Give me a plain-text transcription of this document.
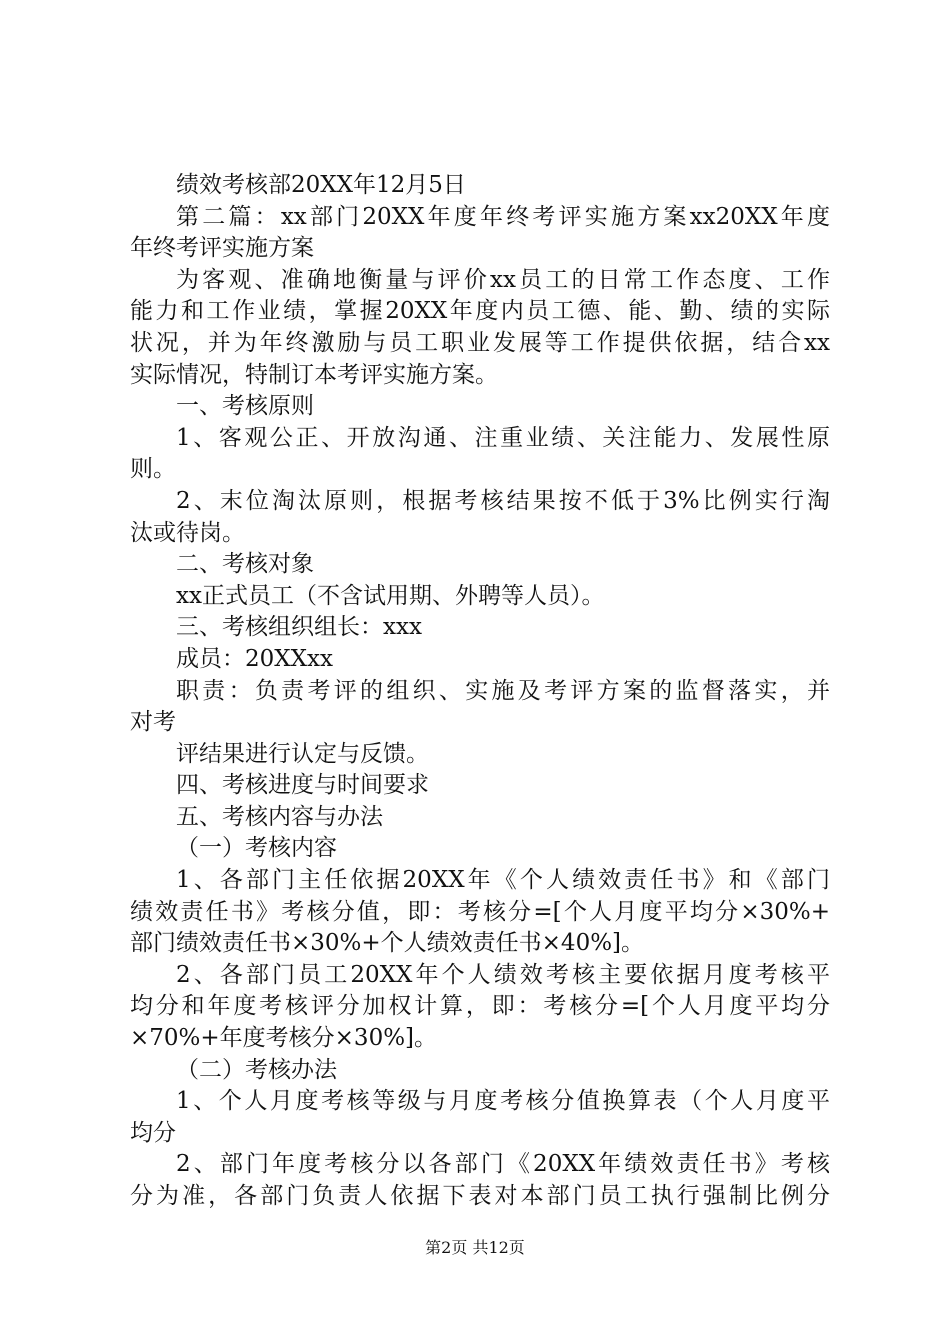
绩效考核部20XX年12月5日
第二篇：xx部门20XX年度年终考评实施方案xx20XX年度
年终考评实施方案
为客观、准确地衡量与评价xx员工的日常工作态度、工作
能力和工作业绩，掌握20XX年度内员工德、能、勤、绩的实际
状况，并为年终激励与员工职业发展等工作提供依据，结合xx
实际情况，特制订本考评实施方案。
一、考核原则
1、客观公正、开放沟通、注重业绩、关注能力、发展性原
则。
2、末位淘汰原则，根据考核结果按不低于3%比例实行淘
汰或待岗。
二、考核对象
xx正式员工（不含试用期、外聘等人员）。
三、考核组织组长：xxx
成员：20XXxx
职责：负责考评的组织、实施及考评方案的监督落实，并
对考
评结果进行认定与反馈。
四、考核进度与时间要求
五、考核内容与办法
（一）考核内容
1、各部门主任依据20XX年《个人绩效责任书》和《部门
绩效责任书》考核分值，即：考核分=[个人月度平均分×30%+
部门绩效责任书×30%+个人绩效责任书×40%]。
2、各部门员工20XX年个人绩效考核主要依据月度考核平
均分和年度考核评分加权计算，即：考核分=[个人月度平均分
×70%+年度考核分×30%]。
（二）考核办法
1、个人月度考核等级与月度考核分值换算表（个人月度平
均分
2、部门年度考核分以各部门《20XX年绩效责任书》考核
分为准，各部门负责人依据下表对本部门员工执行强制比例分
第2页 共12页
